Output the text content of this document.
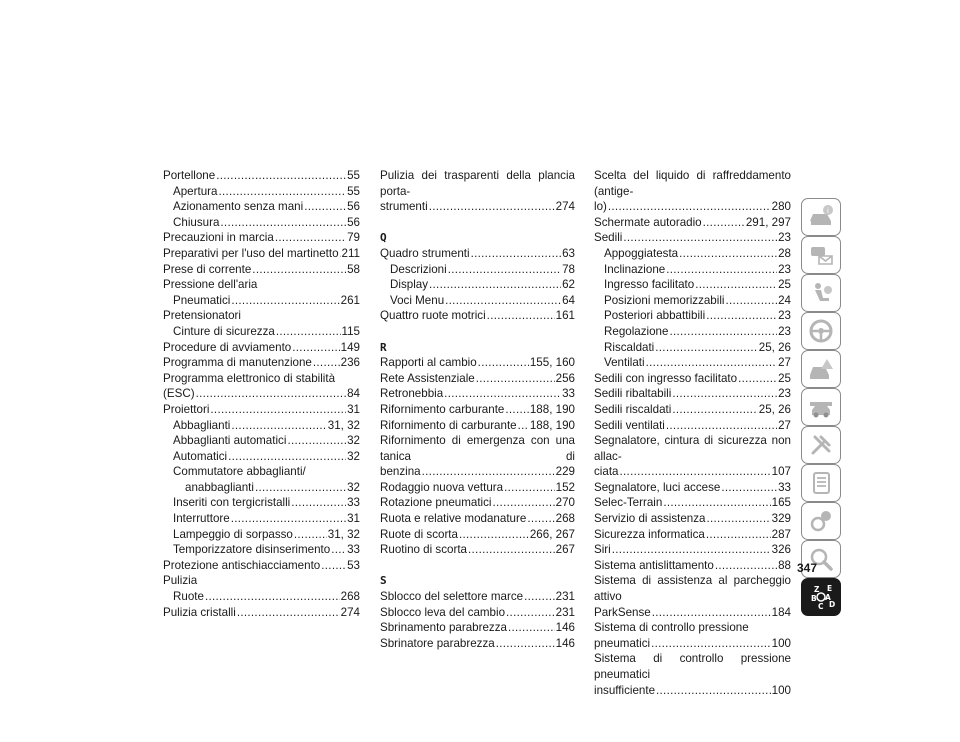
Portellone .....	55
Apertura .....	55
Azionamento senza mani .....	56
Chiusura .....	56
Precauzioni in marcia .....	79
Preparativi per l'uso del martinetto ..... 211
Prese di corrente .....	58
Pressione dell'aria
Pneumatici .....	261
Pretensionatori
Cinture di sicurezza .....	115
Procedure di avviamento .....	149
Programma di manutenzione ..... 236
Programma elettronico di stabilità
(ESC) .....	84
Proiettori .....	31
Abbaglianti .....	31, 32
Abbaglianti automatici .....	32
Automatici .....	32
Commutatore abbaglianti/
anabbaglianti .....	32
Inseriti con tergicristalli .....	33
Interruttore .....	31
Lampeggio di sorpasso .....	31, 32
Temporizzatore disinserimento ..... 33
Protezione antischiacciamento ..... 53
Pulizia
Ruote .....	268
Pulizia cristalli .....	274
Pulizia dei trasparenti della plancia porta-
strumenti .....	274
Q
Quadro strumenti .....	63
Descrizioni .....	78
Display .....	62
Voci Menu .....	64
Quattro ruote motrici .....	161
R
Rapporti al cambio .....	155, 160
Rete Assistenziale .....	256
Retronebbia .....	33
Rifornimento carburante ..... 188, 190
Rifornimento di carburante ..... 188, 190
Rifornimento di emergenza con una tanica di
benzina .....	229
Rodaggio nuova vettura .....	152
Rotazione pneumatici .....	270
Ruota e relative modanature .....	268
Ruote di scorta .....	266, 267
Ruotino di scorta .....	267
S
Sblocco del selettore marce .....	231
Sblocco leva del cambio .....	231
Sbrinamento parabrezza .....	146
Sbrinatore parabrezza .....	146
Scelta del liquido di raffreddamento (antige-
lo) .....	280
Schermate autoradio .....	291, 297
Sedili .....	23
Appoggiatesta .....	28
Inclinazione .....	23
Ingresso facilitato .....	25
Posizioni memorizzabili .....	24
Posteriori abbattibili .....	23
Regolazione .....	23
Riscaldati .....	25, 26
Ventilati .....	27
Sedili con ingresso facilitato .....	25
Sedili ribaltabili .....	23
Sedili riscaldati .....	25, 26
Sedili ventilati .....	27
Segnalatore, cintura di sicurezza non allac-
ciata .....	107
Segnalatore, luci accese .....	33
Selec-Terrain .....	165
Servizio di assistenza .....	329
Sicurezza informatica .....	287
Siri .....	326
Sistema antislittamento .....	88
Sistema di assistenza al parcheggio attivo
ParkSense .....	184
Sistema di controllo pressione
pneumatici .....	100
Sistema di controllo pressione pneumatici
insufficiente .....	100
i
Z E
B A
C D
347
